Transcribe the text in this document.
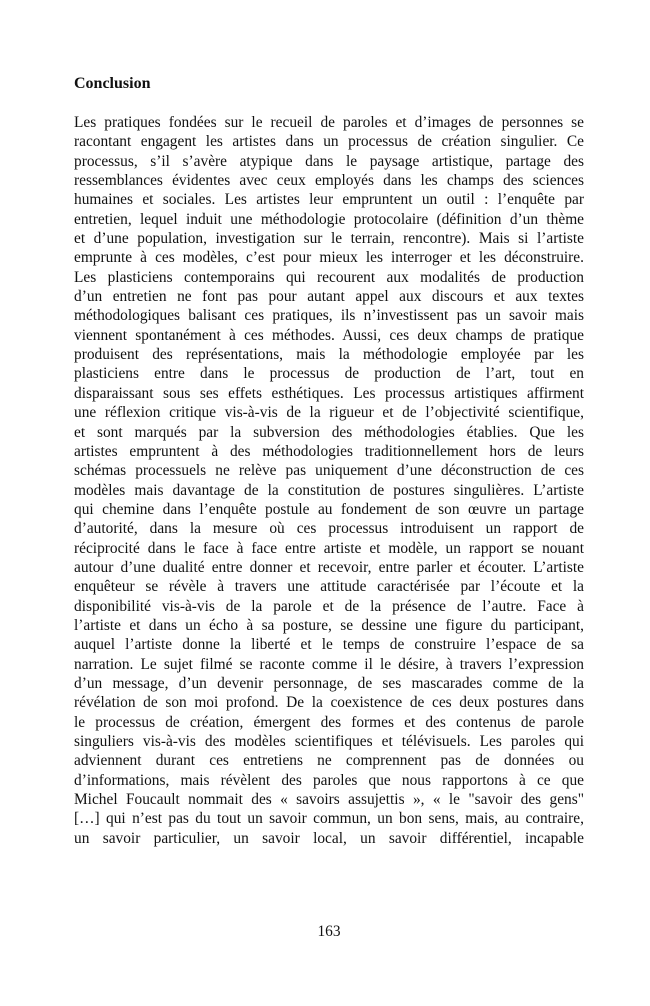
Conclusion
Les pratiques fondées sur le recueil de paroles et d’images de personnes se
racontant engagent les artistes dans un processus de création singulier. Ce
processus, s’il s’avère atypique dans le paysage artistique, partage des
ressemblances évidentes avec ceux employés dans les champs des sciences
humaines et sociales. Les artistes leur empruntent un outil : l’enquête par
entretien, lequel induit une méthodologie protocolaire (définition d’un thème
et d’une population, investigation sur le terrain, rencontre). Mais si l’artiste
emprunte à ces modèles, c’est pour mieux les interroger et les déconstruire.
Les plasticiens contemporains qui recourent aux modalités de production
d’un entretien ne font pas pour autant appel aux discours et aux textes
méthodologiques balisant ces pratiques, ils n’investissent pas un savoir mais
viennent spontanément à ces méthodes. Aussi, ces deux champs de pratique
produisent des représentations, mais la méthodologie employée par les
plasticiens entre dans le processus de production de l’art, tout en
disparaissant sous ses effets esthétiques. Les processus artistiques affirment
une réflexion critique vis-à-vis de la rigueur et de l’objectivité scientifique,
et sont marqués par la subversion des méthodologies établies. Que les
artistes empruntent à des méthodologies traditionnellement hors de leurs
schémas processuels ne relève pas uniquement d’une déconstruction de ces
modèles mais davantage de la constitution de postures singulières. L’artiste
qui chemine dans l’enquête postule au fondement de son œuvre un partage
d’autorité, dans la mesure où ces processus introduisent un rapport de
réciprocité dans le face à face entre artiste et modèle, un rapport se nouant
autour d’une dualité entre donner et recevoir, entre parler et écouter. L’artiste
enquêteur se révèle à travers une attitude caractérisée par l’écoute et la
disponibilité vis-à-vis de la parole et de la présence de l’autre. Face à
l’artiste et dans un écho à sa posture, se dessine une figure du participant,
auquel l’artiste donne la liberté et le temps de construire l’espace de sa
narration. Le sujet filmé se raconte comme il le désire, à travers l’expression
d’un message, d’un devenir personnage, de ses mascarades comme de la
révélation de son moi profond. De la coexistence de ces deux postures dans
le processus de création, émergent des formes et des contenus de parole
singuliers vis-à-vis des modèles scientifiques et télévisuels. Les paroles qui
adviennent durant ces entretiens ne comprennent pas de données ou
d’informations, mais révèlent des paroles que nous rapportons à ce que
Michel Foucault nommait des « savoirs assujettis », « le "savoir des gens"
[…] qui n’est pas du tout un savoir commun, un bon sens, mais, au contraire,
un savoir particulier, un savoir local, un savoir différentiel, incapable
163
